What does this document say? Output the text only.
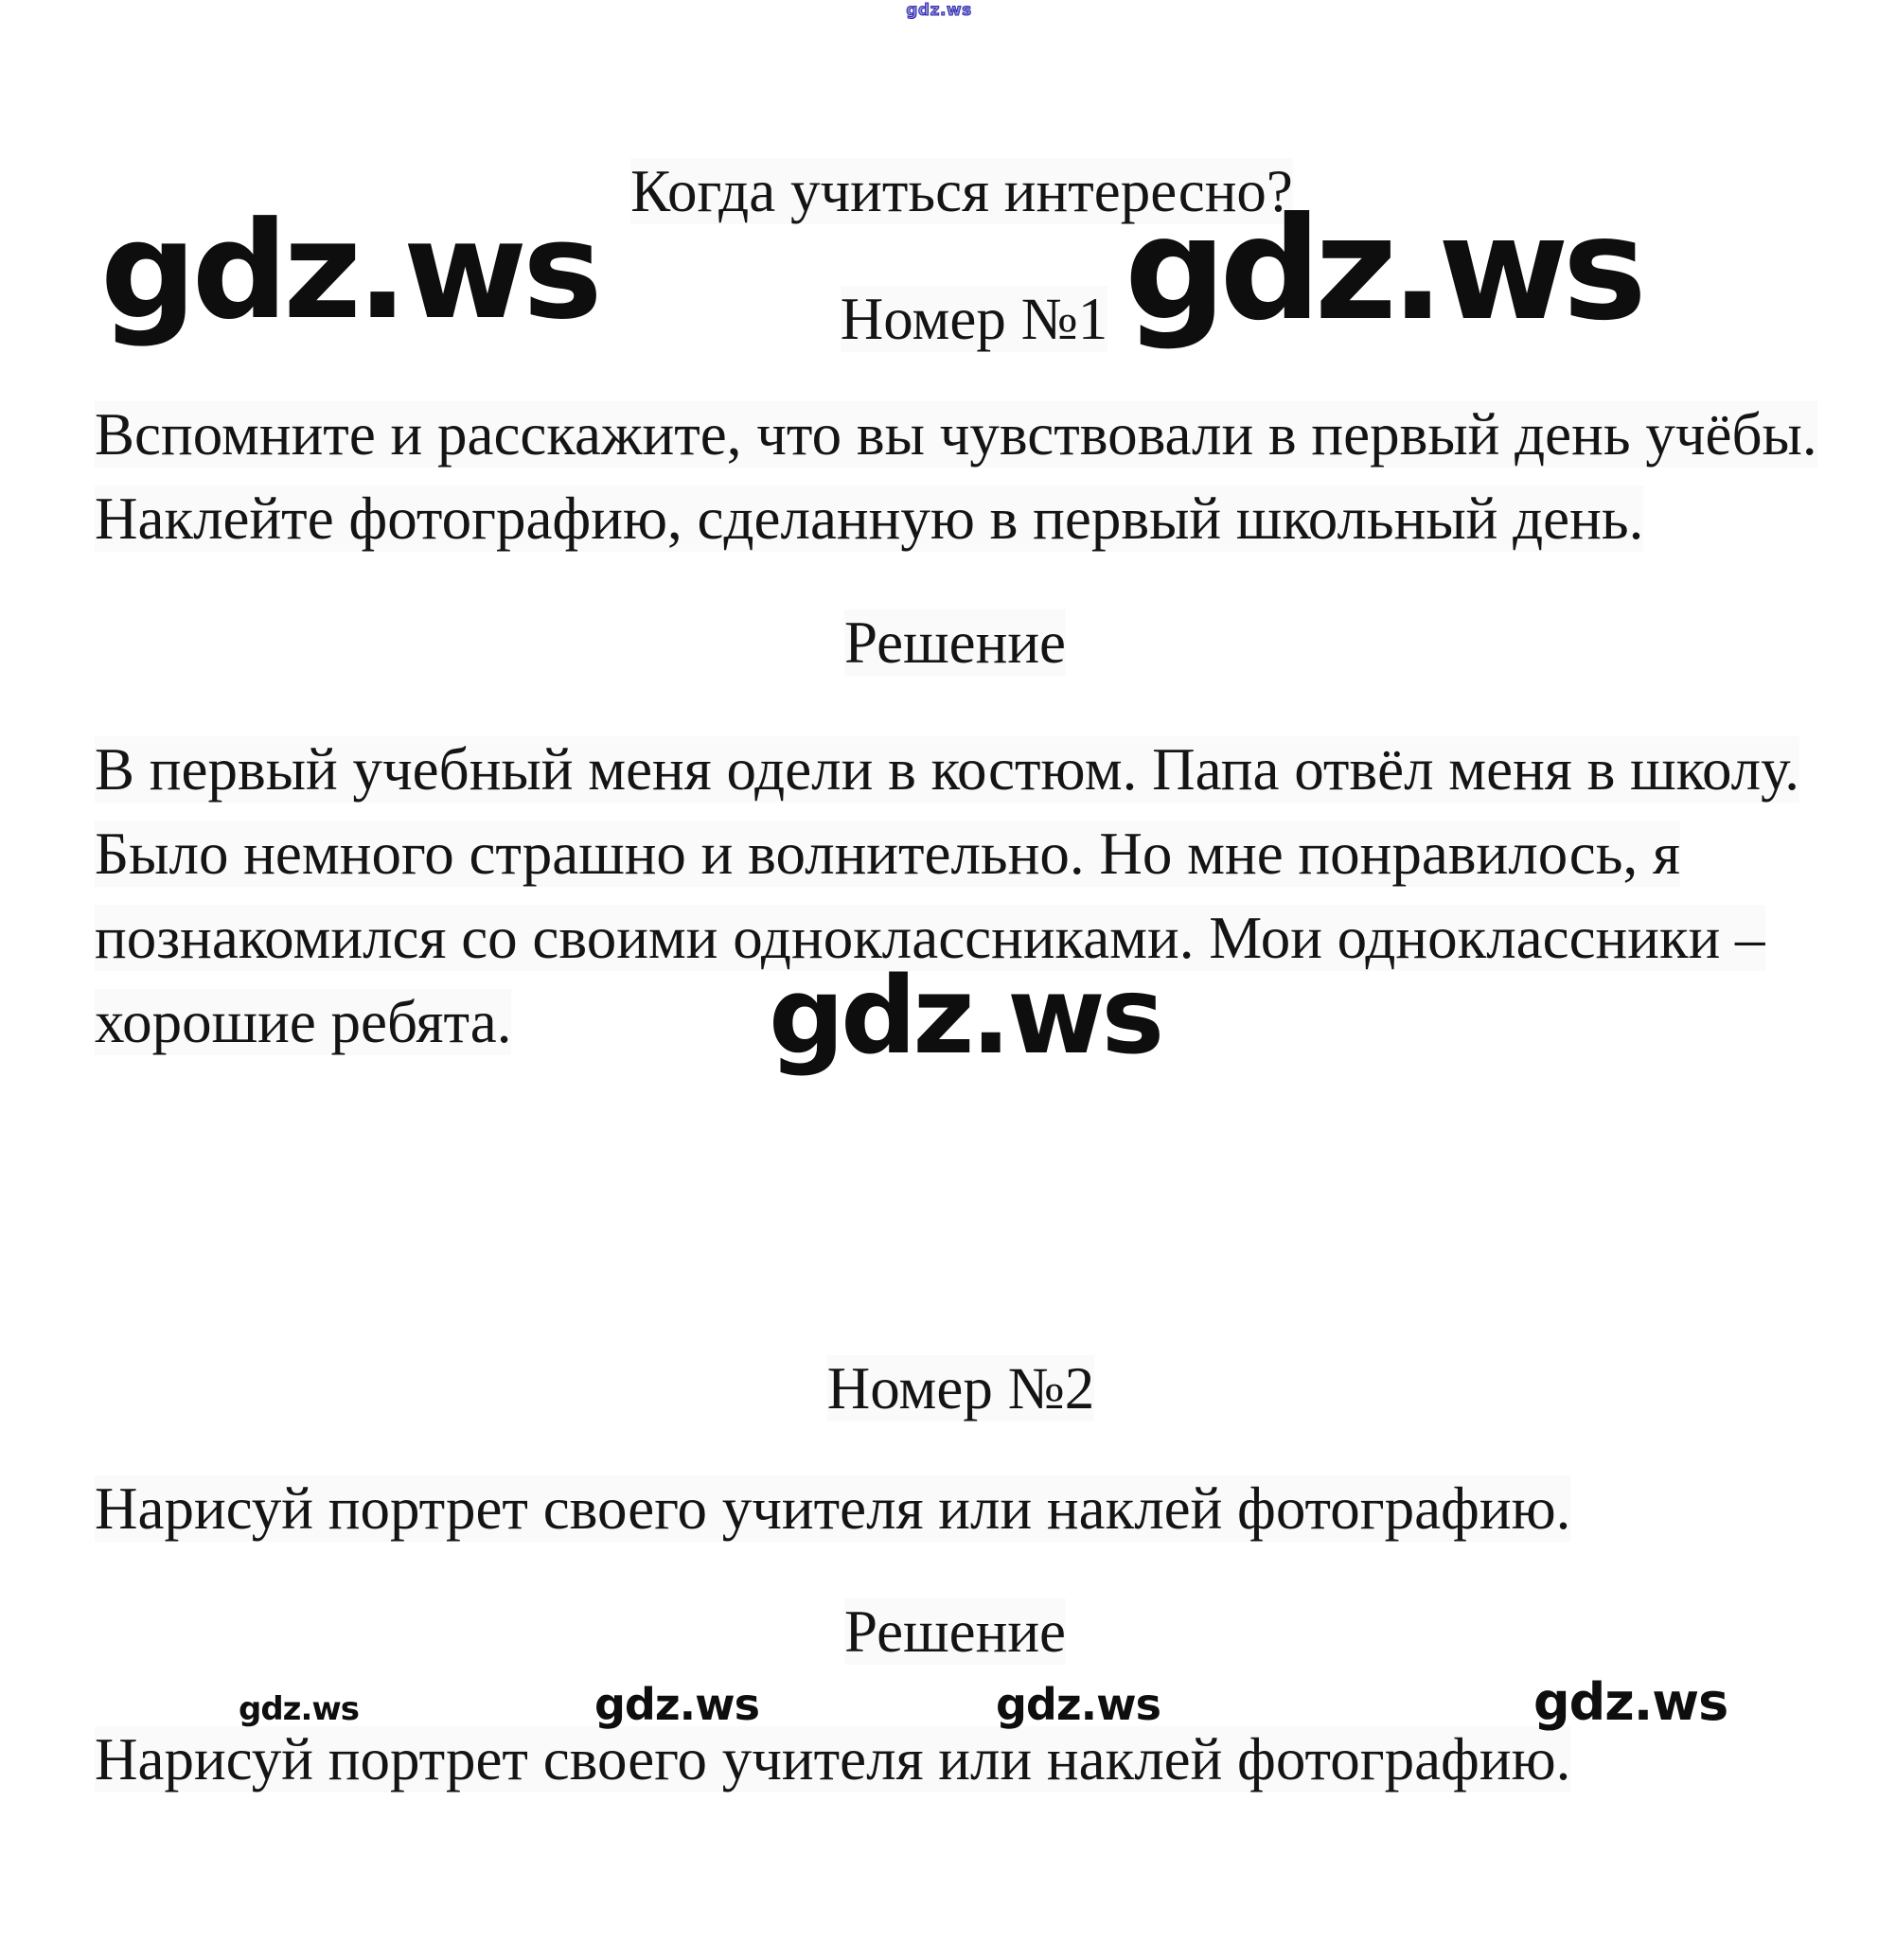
gdz.ws
Когда учиться интересно?
gdz.ws	Номер №1 gdz.ws
Вспомните и расскажите, что вы чувствовали в первый день учёбы.
Наклейте фотографию, сделанную в первый школьный день.
Решение
В первый учебный меня одели в костюм. Папа отвёл меня в школу.
Было немного страшно и волнительно. Но мне понравилось, я
познакомился со своими одноклассниками. Мои одноклассники –
хорошие ребята.	gdz.ws
Номер №2
Нарисуй портрет своего учителя или наклей фотографию.
Решение
gdz.ws	gdz.ws	gdz.ws	gdz.ws
Нарисуй портрет своего учителя или наклей фотографию.
